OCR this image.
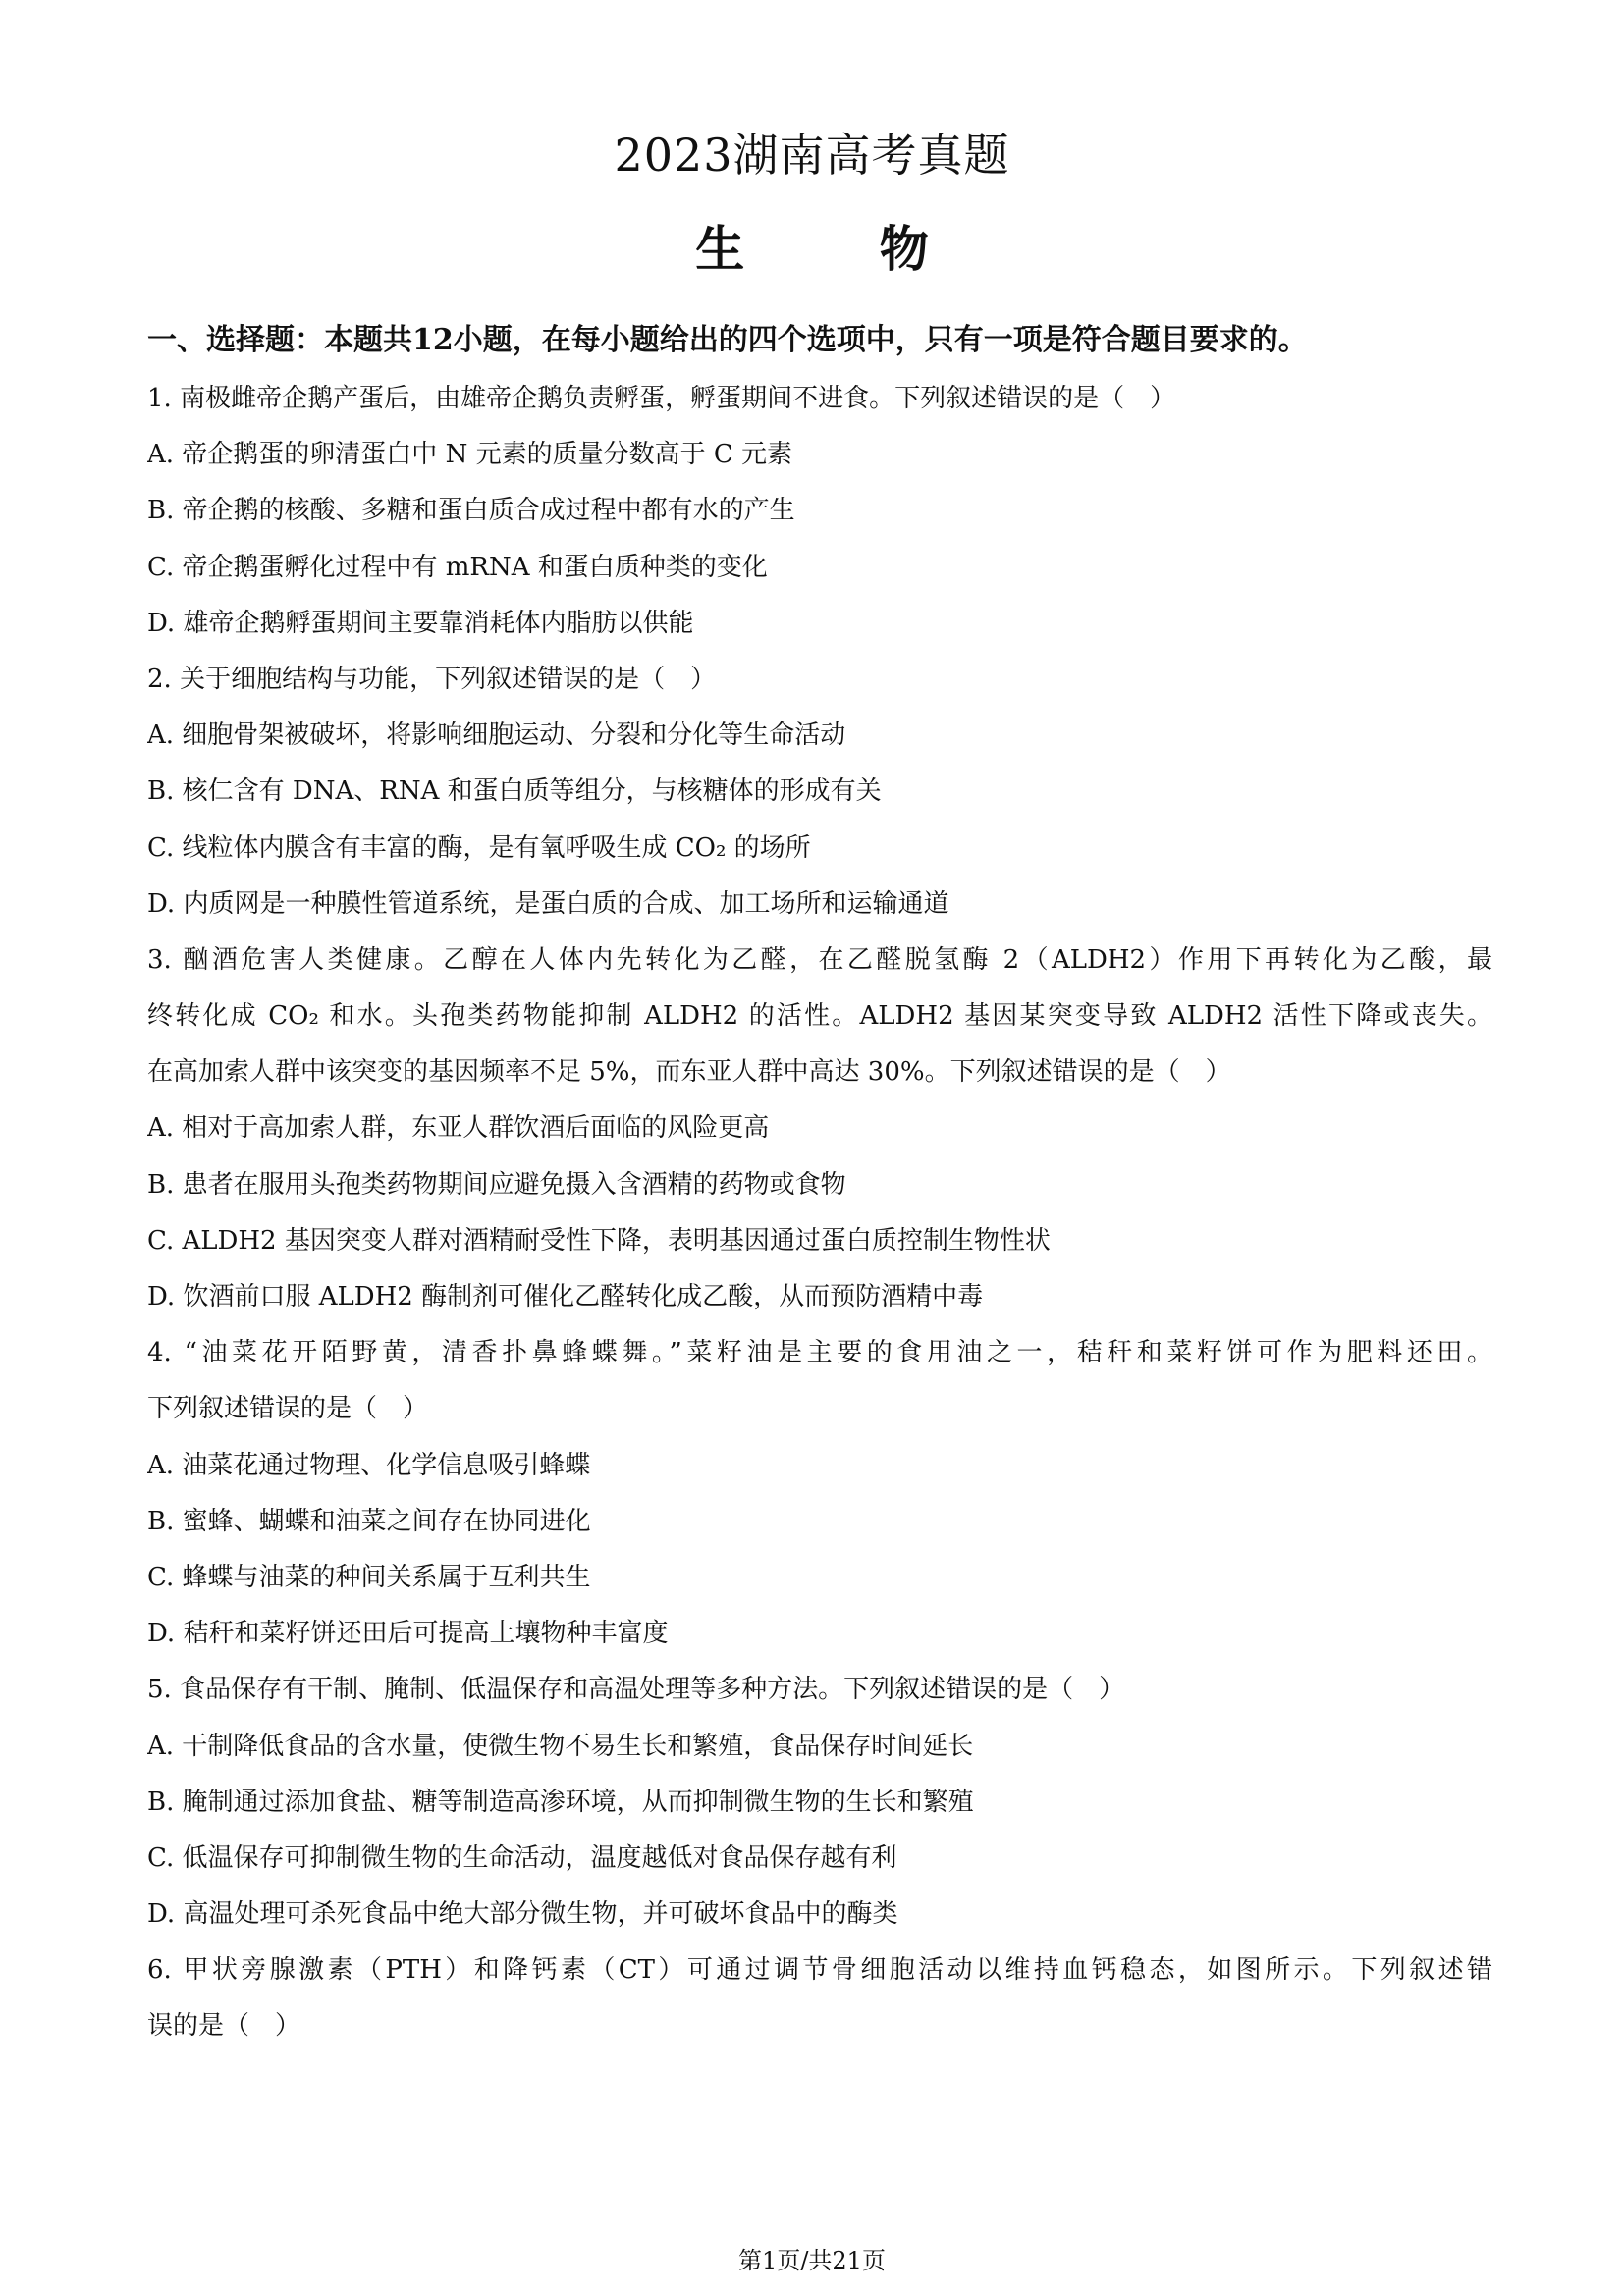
2023湖南高考真题
生 物
一、选择题：本题共12小题，在每小题给出的四个选项中，只有一项是符合题目要求的。
1. 南极雌帝企鹅产蛋后，由雄帝企鹅负责孵蛋，孵蛋期间不进食。下列叙述错误的是（　）
A. 帝企鹅蛋的卵清蛋白中 N 元素的质量分数高于 C 元素
B. 帝企鹅的核酸、多糖和蛋白质合成过程中都有水的产生
C. 帝企鹅蛋孵化过程中有 mRNA 和蛋白质种类的变化
D. 雄帝企鹅孵蛋期间主要靠消耗体内脂肪以供能
2. 关于细胞结构与功能，下列叙述错误的是（　）
A. 细胞骨架被破坏，将影响细胞运动、分裂和分化等生命活动
B. 核仁含有 DNA、RNA 和蛋白质等组分，与核糖体的形成有关
C. 线粒体内膜含有丰富的酶，是有氧呼吸生成 CO₂ 的场所
D. 内质网是一种膜性管道系统，是蛋白质的合成、加工场所和运输通道
3. 酗酒危害人类健康。乙醇在人体内先转化为乙醛，在乙醛脱氢酶 2（ALDH2）作用下再转化为乙酸，最
终转化成 CO₂ 和水。头孢类药物能抑制 ALDH2 的活性。ALDH2 基因某突变导致 ALDH2 活性下降或丧失。
在高加索人群中该突变的基因频率不足 5%，而东亚人群中高达 30%。下列叙述错误的是（　）
A. 相对于高加索人群，东亚人群饮酒后面临的风险更高
B. 患者在服用头孢类药物期间应避免摄入含酒精的药物或食物
C. ALDH2 基因突变人群对酒精耐受性下降，表明基因通过蛋白质控制生物性状
D. 饮酒前口服 ALDH2 酶制剂可催化乙醛转化成乙酸，从而预防酒精中毒
4. “油菜花开陌野黄，清香扑鼻蜂蝶舞。”菜籽油是主要的食用油之一，秸秆和菜籽饼可作为肥料还田。
下列叙述错误的是（　）
A. 油菜花通过物理、化学信息吸引蜂蝶
B. 蜜蜂、蝴蝶和油菜之间存在协同进化
C. 蜂蝶与油菜的种间关系属于互利共生
D. 秸秆和菜籽饼还田后可提高土壤物种丰富度
5. 食品保存有干制、腌制、低温保存和高温处理等多种方法。下列叙述错误的是（　）
A. 干制降低食品的含水量，使微生物不易生长和繁殖，食品保存时间延长
B. 腌制通过添加食盐、糖等制造高渗环境，从而抑制微生物的生长和繁殖
C. 低温保存可抑制微生物的生命活动，温度越低对食品保存越有利
D. 高温处理可杀死食品中绝大部分微生物，并可破坏食品中的酶类
6. 甲状旁腺激素（PTH）和降钙素（CT）可通过调节骨细胞活动以维持血钙稳态，如图所示。下列叙述错
误的是（　）

第1页/共21页
